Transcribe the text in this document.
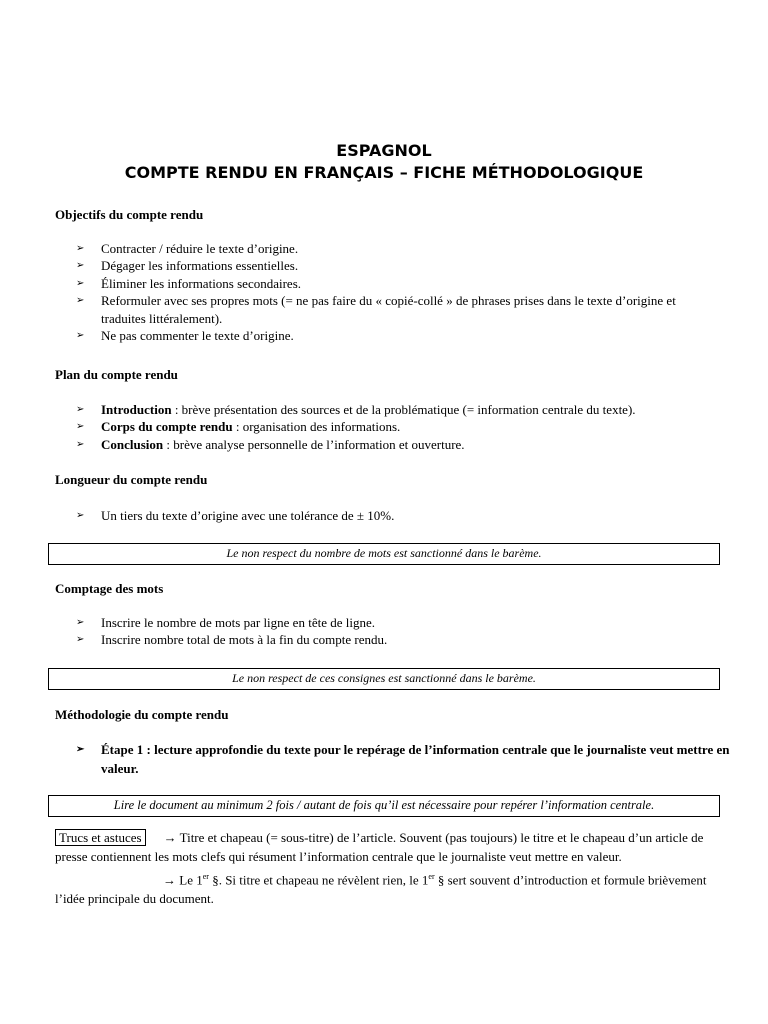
ESPAGNOL
COMPTE RENDU EN FRANÇAIS – FICHE MÉTHODOLOGIQUE
Objectifs du compte rendu
➢ Contracter / réduire le texte d’origine.
➢ Dégager les informations essentielles.
➢ Éliminer les informations secondaires.
➢ Reformuler avec ses propres mots (= ne pas faire du « copié-collé » de phrases prises dans le texte d’origine et traduites littéralement).
➢ Ne pas commenter le texte d’origine.
Plan du compte rendu
➢ Introduction : brève présentation des sources et de la problématique (= information centrale du texte).
➢ Corps du compte rendu : organisation des informations.
➢ Conclusion : brève analyse personnelle de l’information et ouverture.
Longueur du compte rendu
➢ Un tiers du texte d’origine avec une tolérance de ± 10%.
Le non respect du nombre de mots est sanctionné dans le barème.
Comptage des mots
➢ Inscrire le nombre de mots par ligne en tête de ligne.
➢ Inscrire nombre total de mots à la fin du compte rendu.
Le non respect de ces consignes est sanctionné dans le barème.
Méthodologie du compte rendu
➢	Étape 1 : lecture approfondie du texte pour le repérage de l’information centrale que le journaliste veut mettre en valeur.
Lire le document au minimum 2 fois / autant de fois qu’il est nécessaire pour repérer l’information centrale.
Trucs et astuces → Titre et chapeau (= sous-titre) de l’article. Souvent (pas toujours) le titre et le chapeau d’un article de presse contiennent les mots clefs qui résument l’information centrale que le journaliste veut mettre en valeur.
→ Le 1er §. Si titre et chapeau ne révèlent rien, le 1er § sert souvent d’introduction et formule brièvement l’idée principale du document.
